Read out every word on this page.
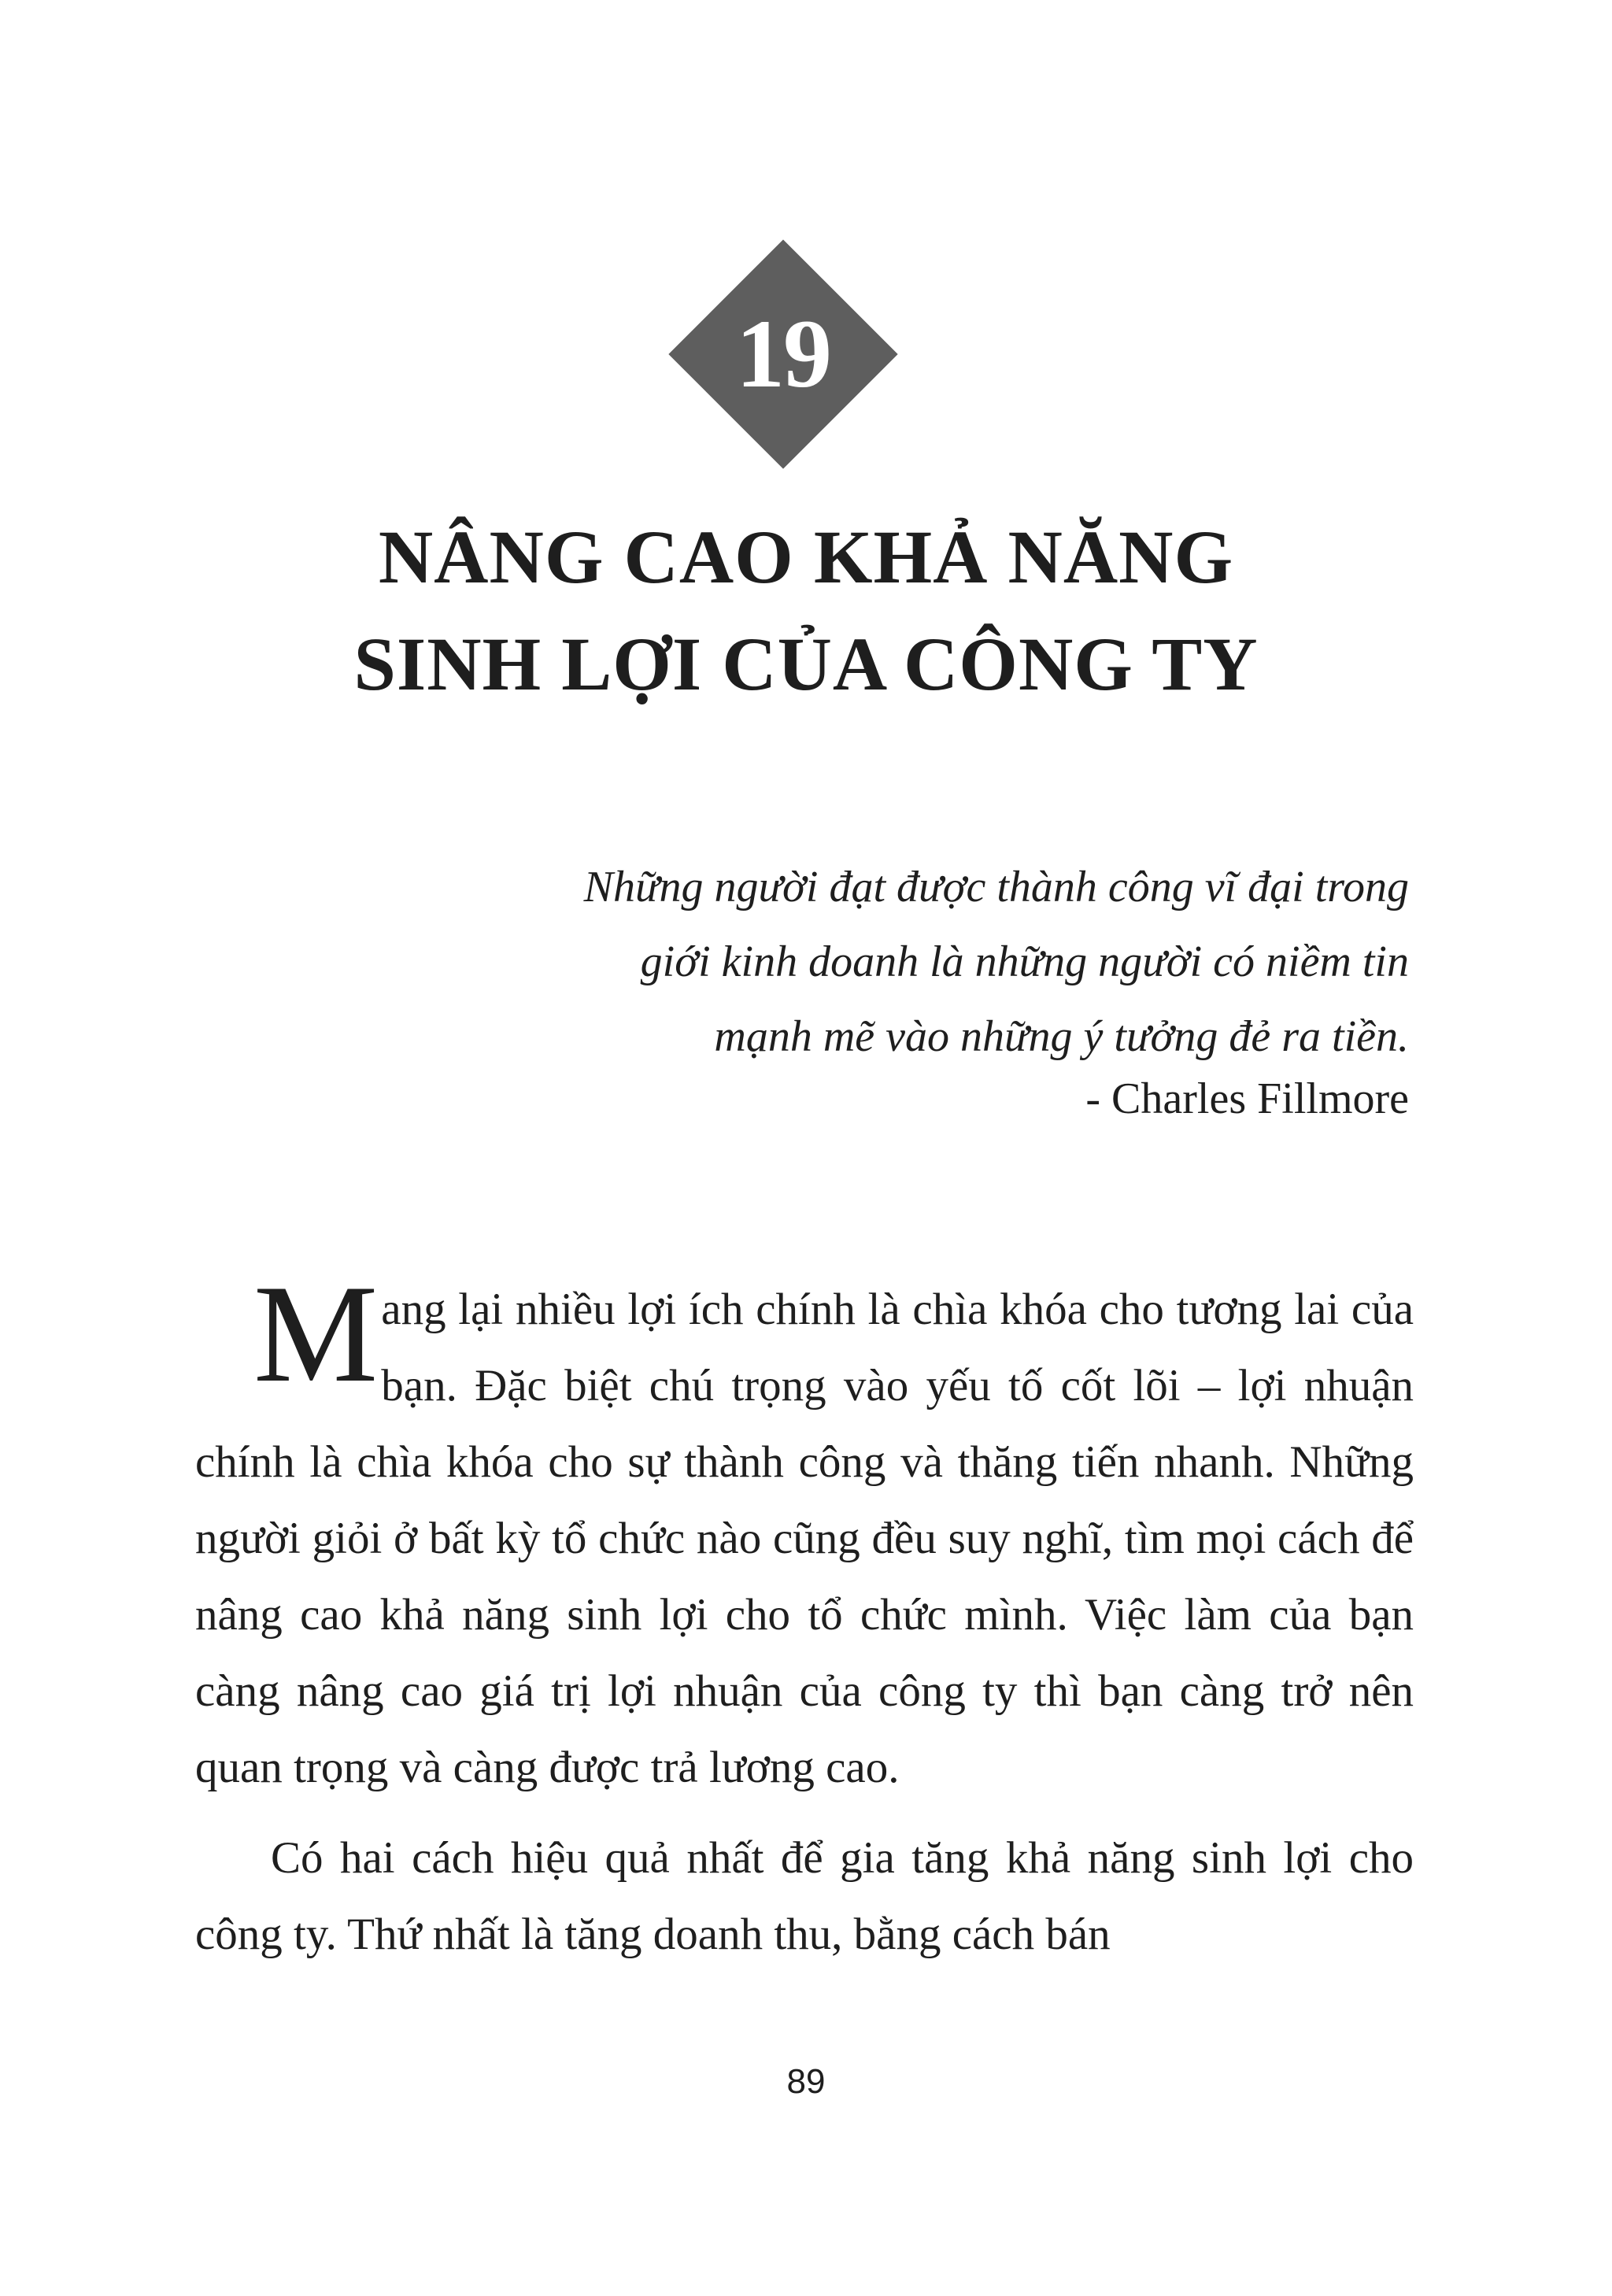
19
NÂNG CAO KHẢ NĂNG
SINH LỢI CỦA CÔNG TY
Những người đạt được thành công vĩ đại trong
giới kinh doanh là những người có niềm tin
mạnh mẽ vào những ý tưởng đẻ ra tiền.
- Charles Fillmore

Mang lại nhiều lợi ích chính là chìa khóa cho tương lai của bạn. Đặc biệt chú trọng vào yếu tố cốt lõi – lợi nhuận chính là chìa khóa cho sự thành công và thăng tiến nhanh. Những người giỏi ở bất kỳ tổ chức nào cũng đều suy nghĩ, tìm mọi cách để nâng cao khả năng sinh lợi cho tổ chức mình. Việc làm của bạn càng nâng cao giá trị lợi nhuận của công ty thì bạn càng trở nên quan trọng và càng được trả lương cao.

Có hai cách hiệu quả nhất để gia tăng khả năng sinh lợi cho công ty. Thứ nhất là tăng doanh thu, bằng cách bán

89
